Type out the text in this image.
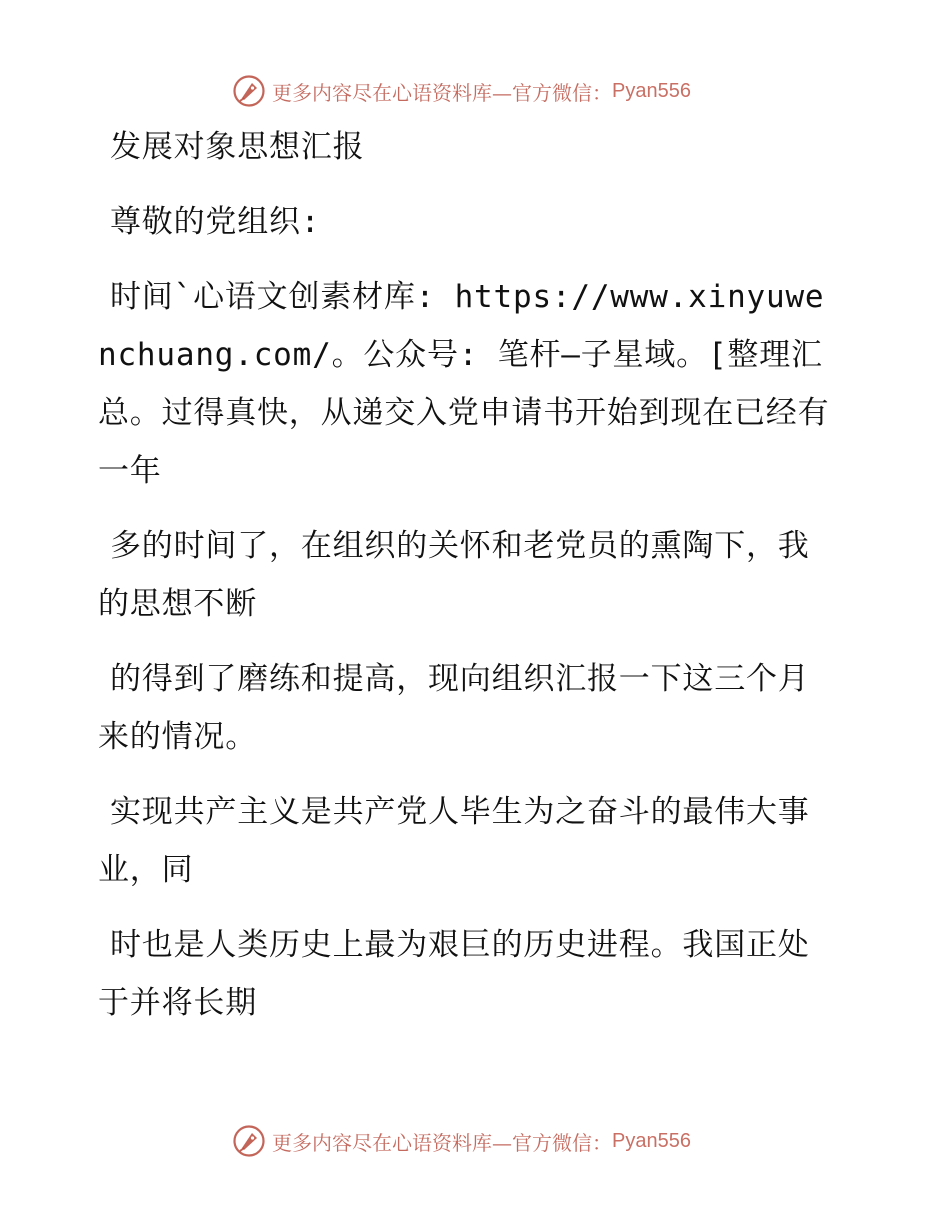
更多内容尽在心语资料库—官方微信： Pyan556

发展对象思想汇报

尊敬的党组织:

时间`心语文创素材库: https://www.xinyuwenchuang.com/。公众号: 笔杆—子星域。[整理汇总。过得真快，从递交入党申请书开始到现在已经有一年

多的时间了，在组织的关怀和老党员的熏陶下，我的思想不断

的得到了磨练和提高，现向组织汇报一下这三个月来的情况。

实现共产主义是共产党人毕生为之奋斗的最伟大事业，同

时也是人类历史上最为艰巨的历史进程。我国正处于并将长期

更多内容尽在心语资料库—官方微信： Pyan556
